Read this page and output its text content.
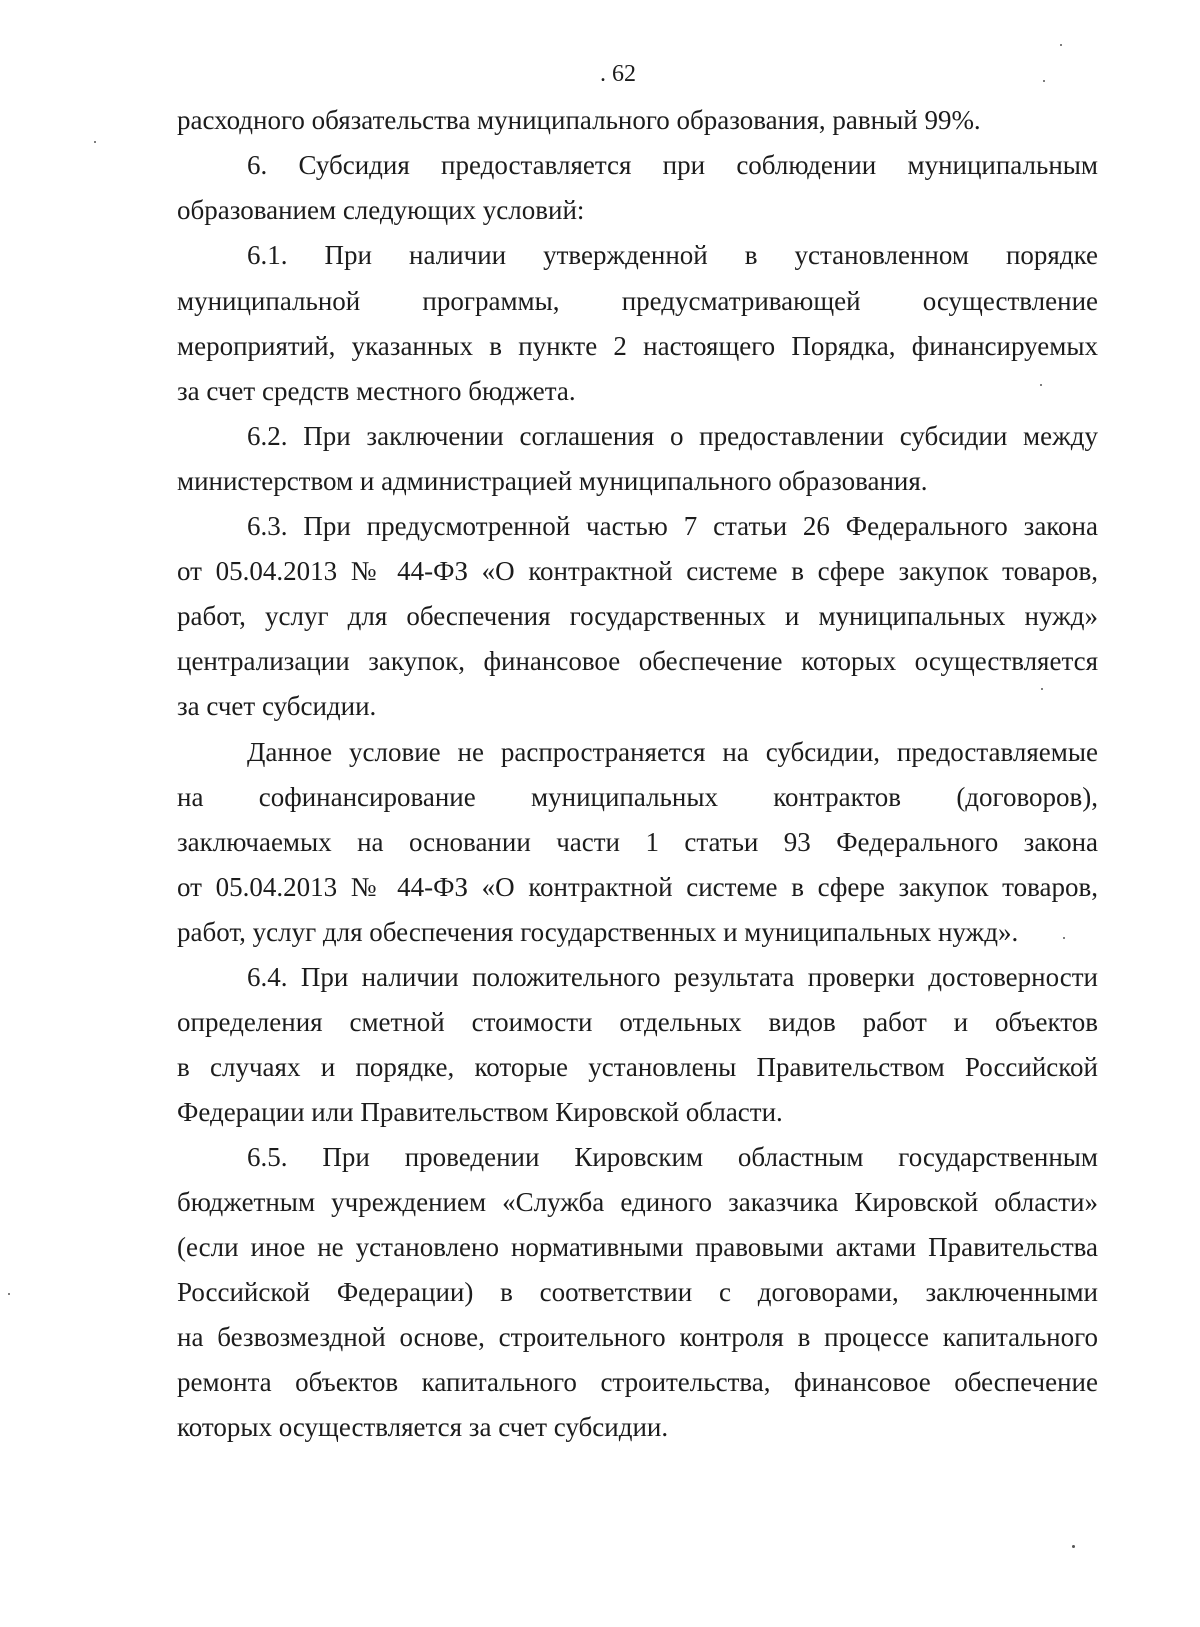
. 62
расходного обязательства муниципального образования, равный 99%.
6. Субсидия предоставляется при соблюдении муниципальным
образованием следующих условий:
6.1. При наличии утвержденной в установленном порядке
муниципальной программы, предусматривающей осуществление
мероприятий, указанных в пункте 2 настоящего Порядка, финансируемых
за счет средств местного бюджета.
6.2. При заключении соглашения о предоставлении субсидии между
министерством и администрацией муниципального образования.
6.3. При предусмотренной частью 7 статьи 26 Федерального закона
от 05.04.2013 № 44-ФЗ «О контрактной системе в сфере закупок товаров,
работ, услуг для обеспечения государственных и муниципальных нужд»
централизации закупок, финансовое обеспечение которых осуществляется
за счет субсидии.
Данное условие не распространяется на субсидии, предоставляемые
на софинансирование муниципальных контрактов (договоров),
заключаемых на основании части 1 статьи 93 Федерального закона
от 05.04.2013 № 44-ФЗ «О контрактной системе в сфере закупок товаров,
работ, услуг для обеспечения государственных и муниципальных нужд».
6.4. При наличии положительного результата проверки достоверности
определения сметной стоимости отдельных видов работ и объектов
в случаях и порядке, которые установлены Правительством Российской
Федерации или Правительством Кировской области.
6.5. При проведении Кировским областным государственным
бюджетным учреждением «Служба единого заказчика Кировской области»
(если иное не установлено нормативными правовыми актами Правительства
Российской Федерации) в соответствии с договорами, заключенными
на безвозмездной основе, строительного контроля в процессе капитального
ремонта объектов капитального строительства, финансовое обеспечение
которых осуществляется за счет субсидии.
